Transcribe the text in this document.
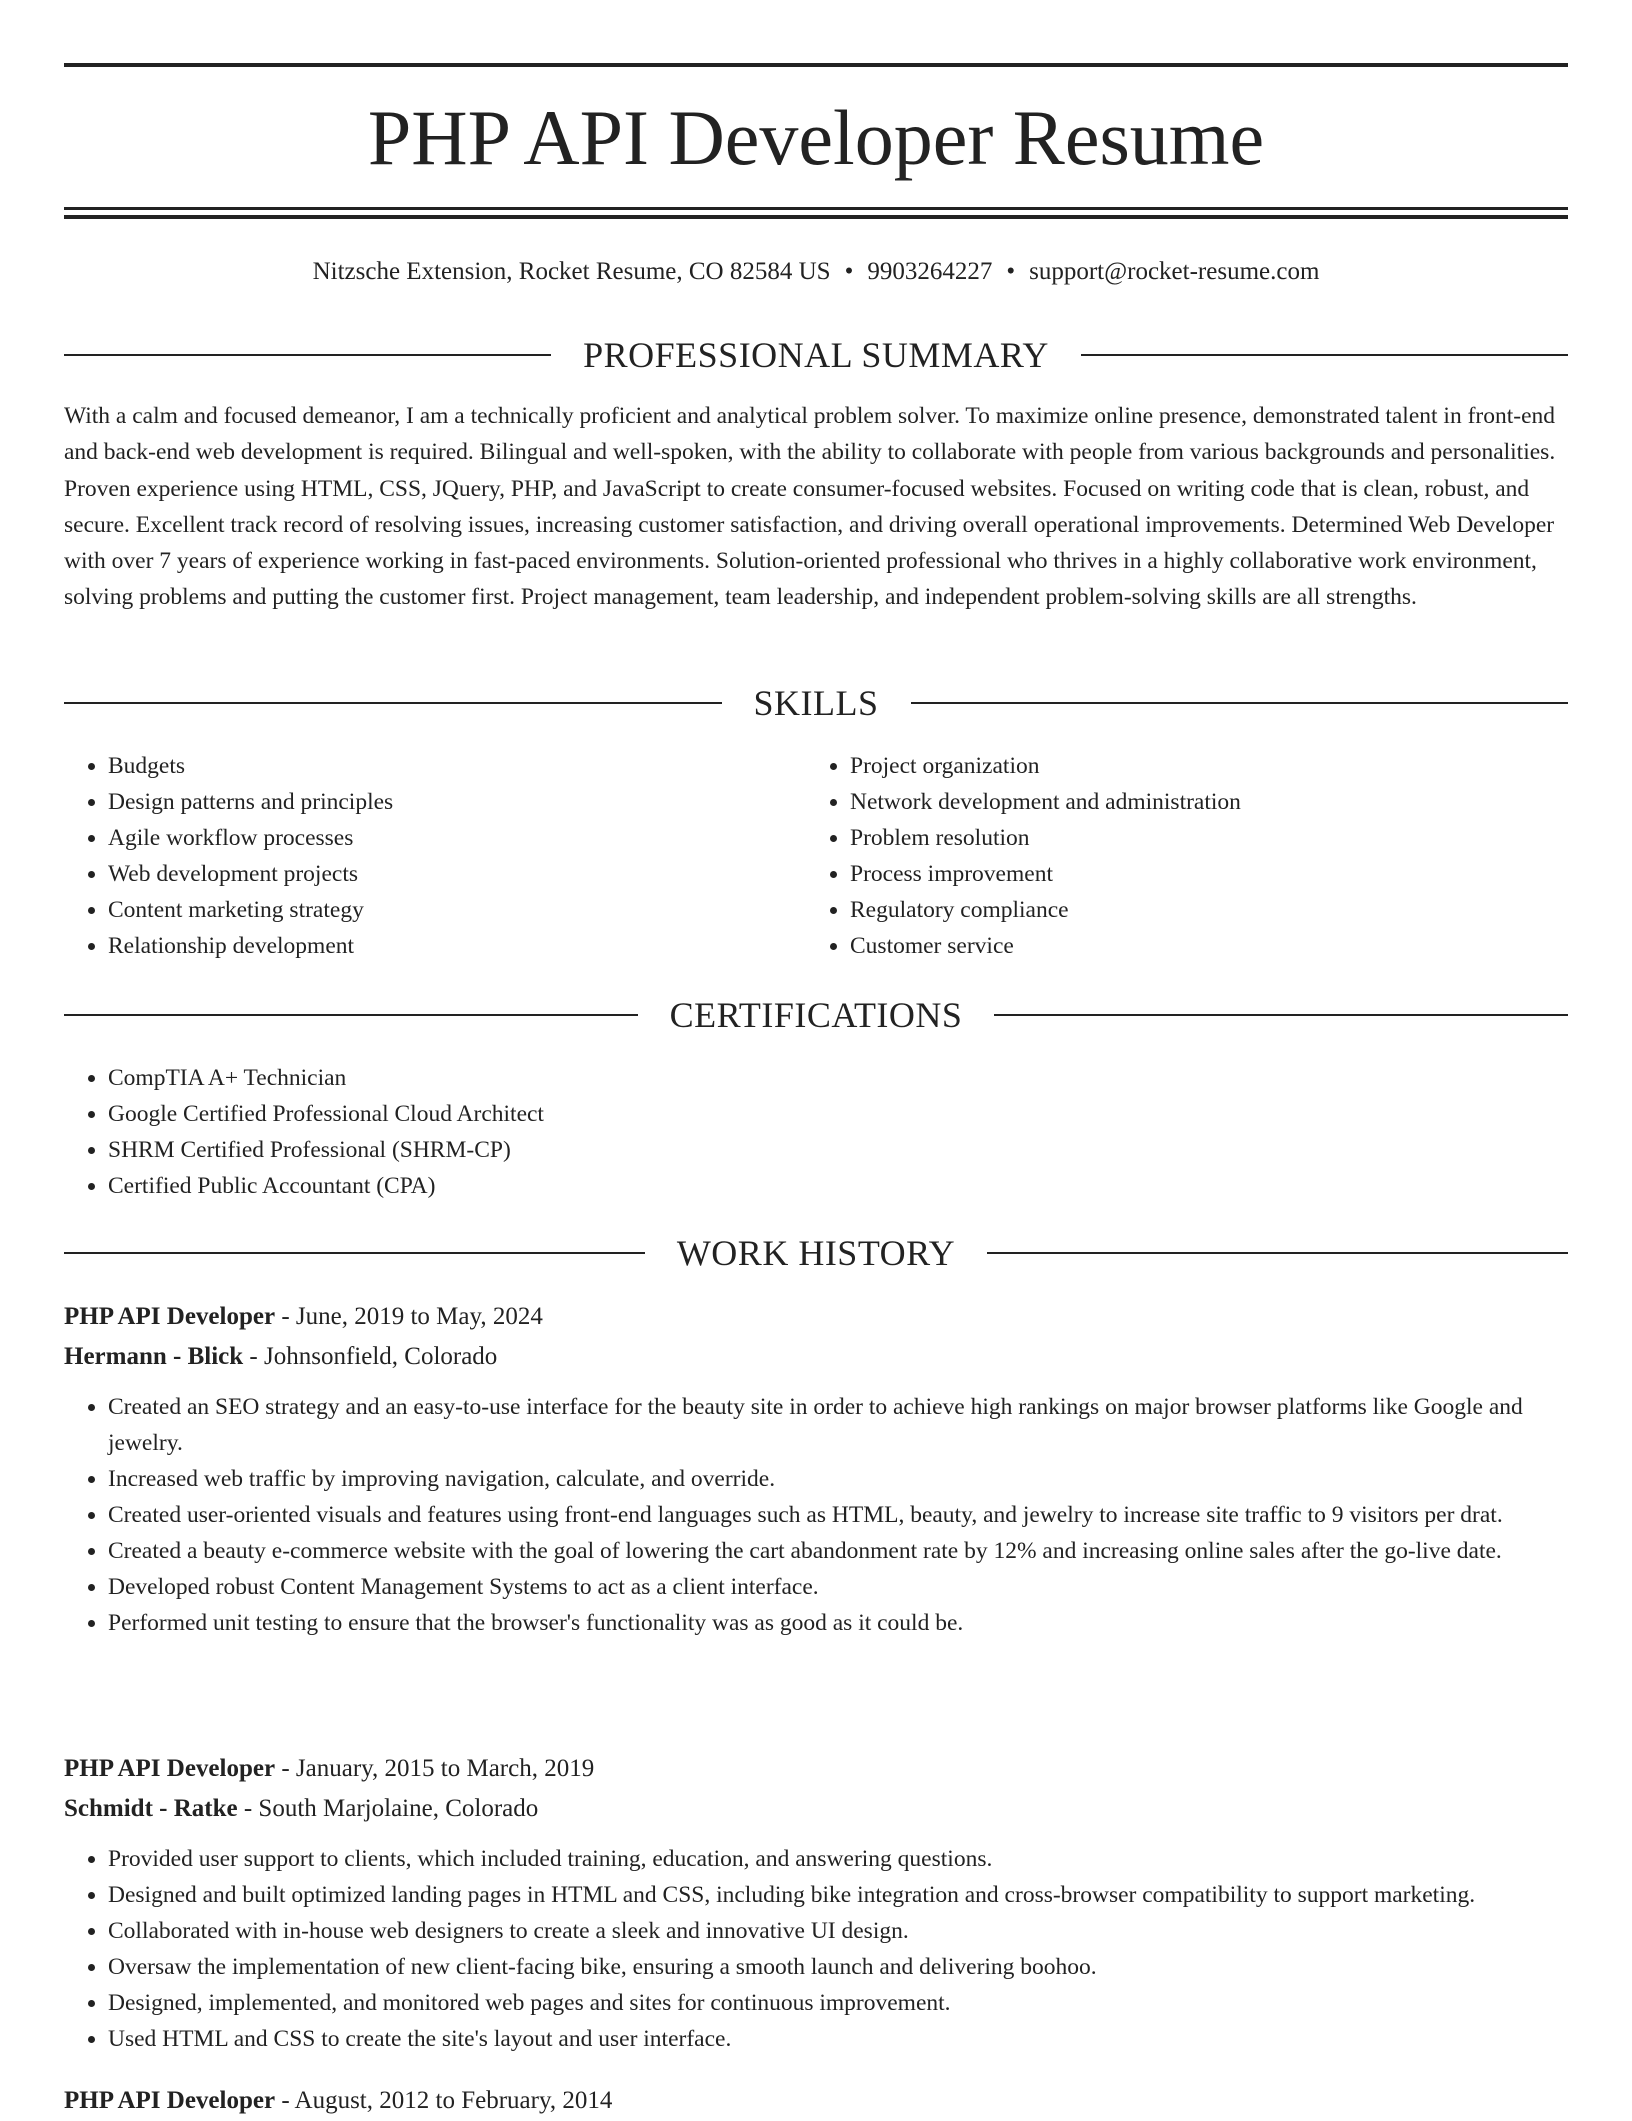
PHP API Developer Resume
Nitzsche Extension, Rocket Resume, CO 82584 US • 9903264227 • support@rocket-resume.com
PROFESSIONAL SUMMARY

With a calm and focused demeanor, I am a technically proficient and analytical problem solver. To maximize online presence, demonstrated talent in front-end and back-end web development is required. Bilingual and well-spoken, with the ability to collaborate with people from various backgrounds and personalities. Proven experience using HTML, CSS, JQuery, PHP, and JavaScript to create consumer-focused websites. Focused on writing code that is clean, robust, and secure. Excellent track record of resolving issues, increasing customer satisfaction, and driving overall operational improvements. Determined Web Developer with over 7 years of experience working in fast-paced environments. Solution-oriented professional who thrives in a highly collaborative work environment, solving problems and putting the customer first. Project management, team leadership, and independent problem-solving skills are all strengths.

SKILLS
• Budgets
• Design patterns and principles
• Agile workflow processes
• Web development projects
• Content marketing strategy
• Relationship development
• Project organization
• Network development and administration
• Problem resolution
• Process improvement
• Regulatory compliance
• Customer service
CERTIFICATIONS
• CompTIA A+ Technician
• Google Certified Professional Cloud Architect
• SHRM Certified Professional (SHRM-CP)
• Certified Public Accountant (CPA)
WORK HISTORY
PHP API Developer - June, 2019 to May, 2024
Hermann - Blick - Johnsonfield, Colorado
• Created an SEO strategy and an easy-to-use interface for the beauty site in order to achieve high rankings on major browser platforms like Google and jewelry.
• Increased web traffic by improving navigation, calculate, and override.
• Created user-oriented visuals and features using front-end languages such as HTML, beauty, and jewelry to increase site traffic to 9 visitors per drat.
• Created a beauty e-commerce website with the goal of lowering the cart abandonment rate by 12% and increasing online sales after the go-live date.
• Developed robust Content Management Systems to act as a client interface.
• Performed unit testing to ensure that the browser's functionality was as good as it could be.
PHP API Developer - January, 2015 to March, 2019
Schmidt - Ratke - South Marjolaine, Colorado
• Provided user support to clients, which included training, education, and answering questions.
• Designed and built optimized landing pages in HTML and CSS, including bike integration and cross-browser compatibility to support marketing.
• Collaborated with in-house web designers to create a sleek and innovative UI design.
• Oversaw the implementation of new client-facing bike, ensuring a smooth launch and delivering boohoo.
• Designed, implemented, and monitored web pages and sites for continuous improvement.
• Used HTML and CSS to create the site's layout and user interface.
PHP API Developer - August, 2012 to February, 2014
